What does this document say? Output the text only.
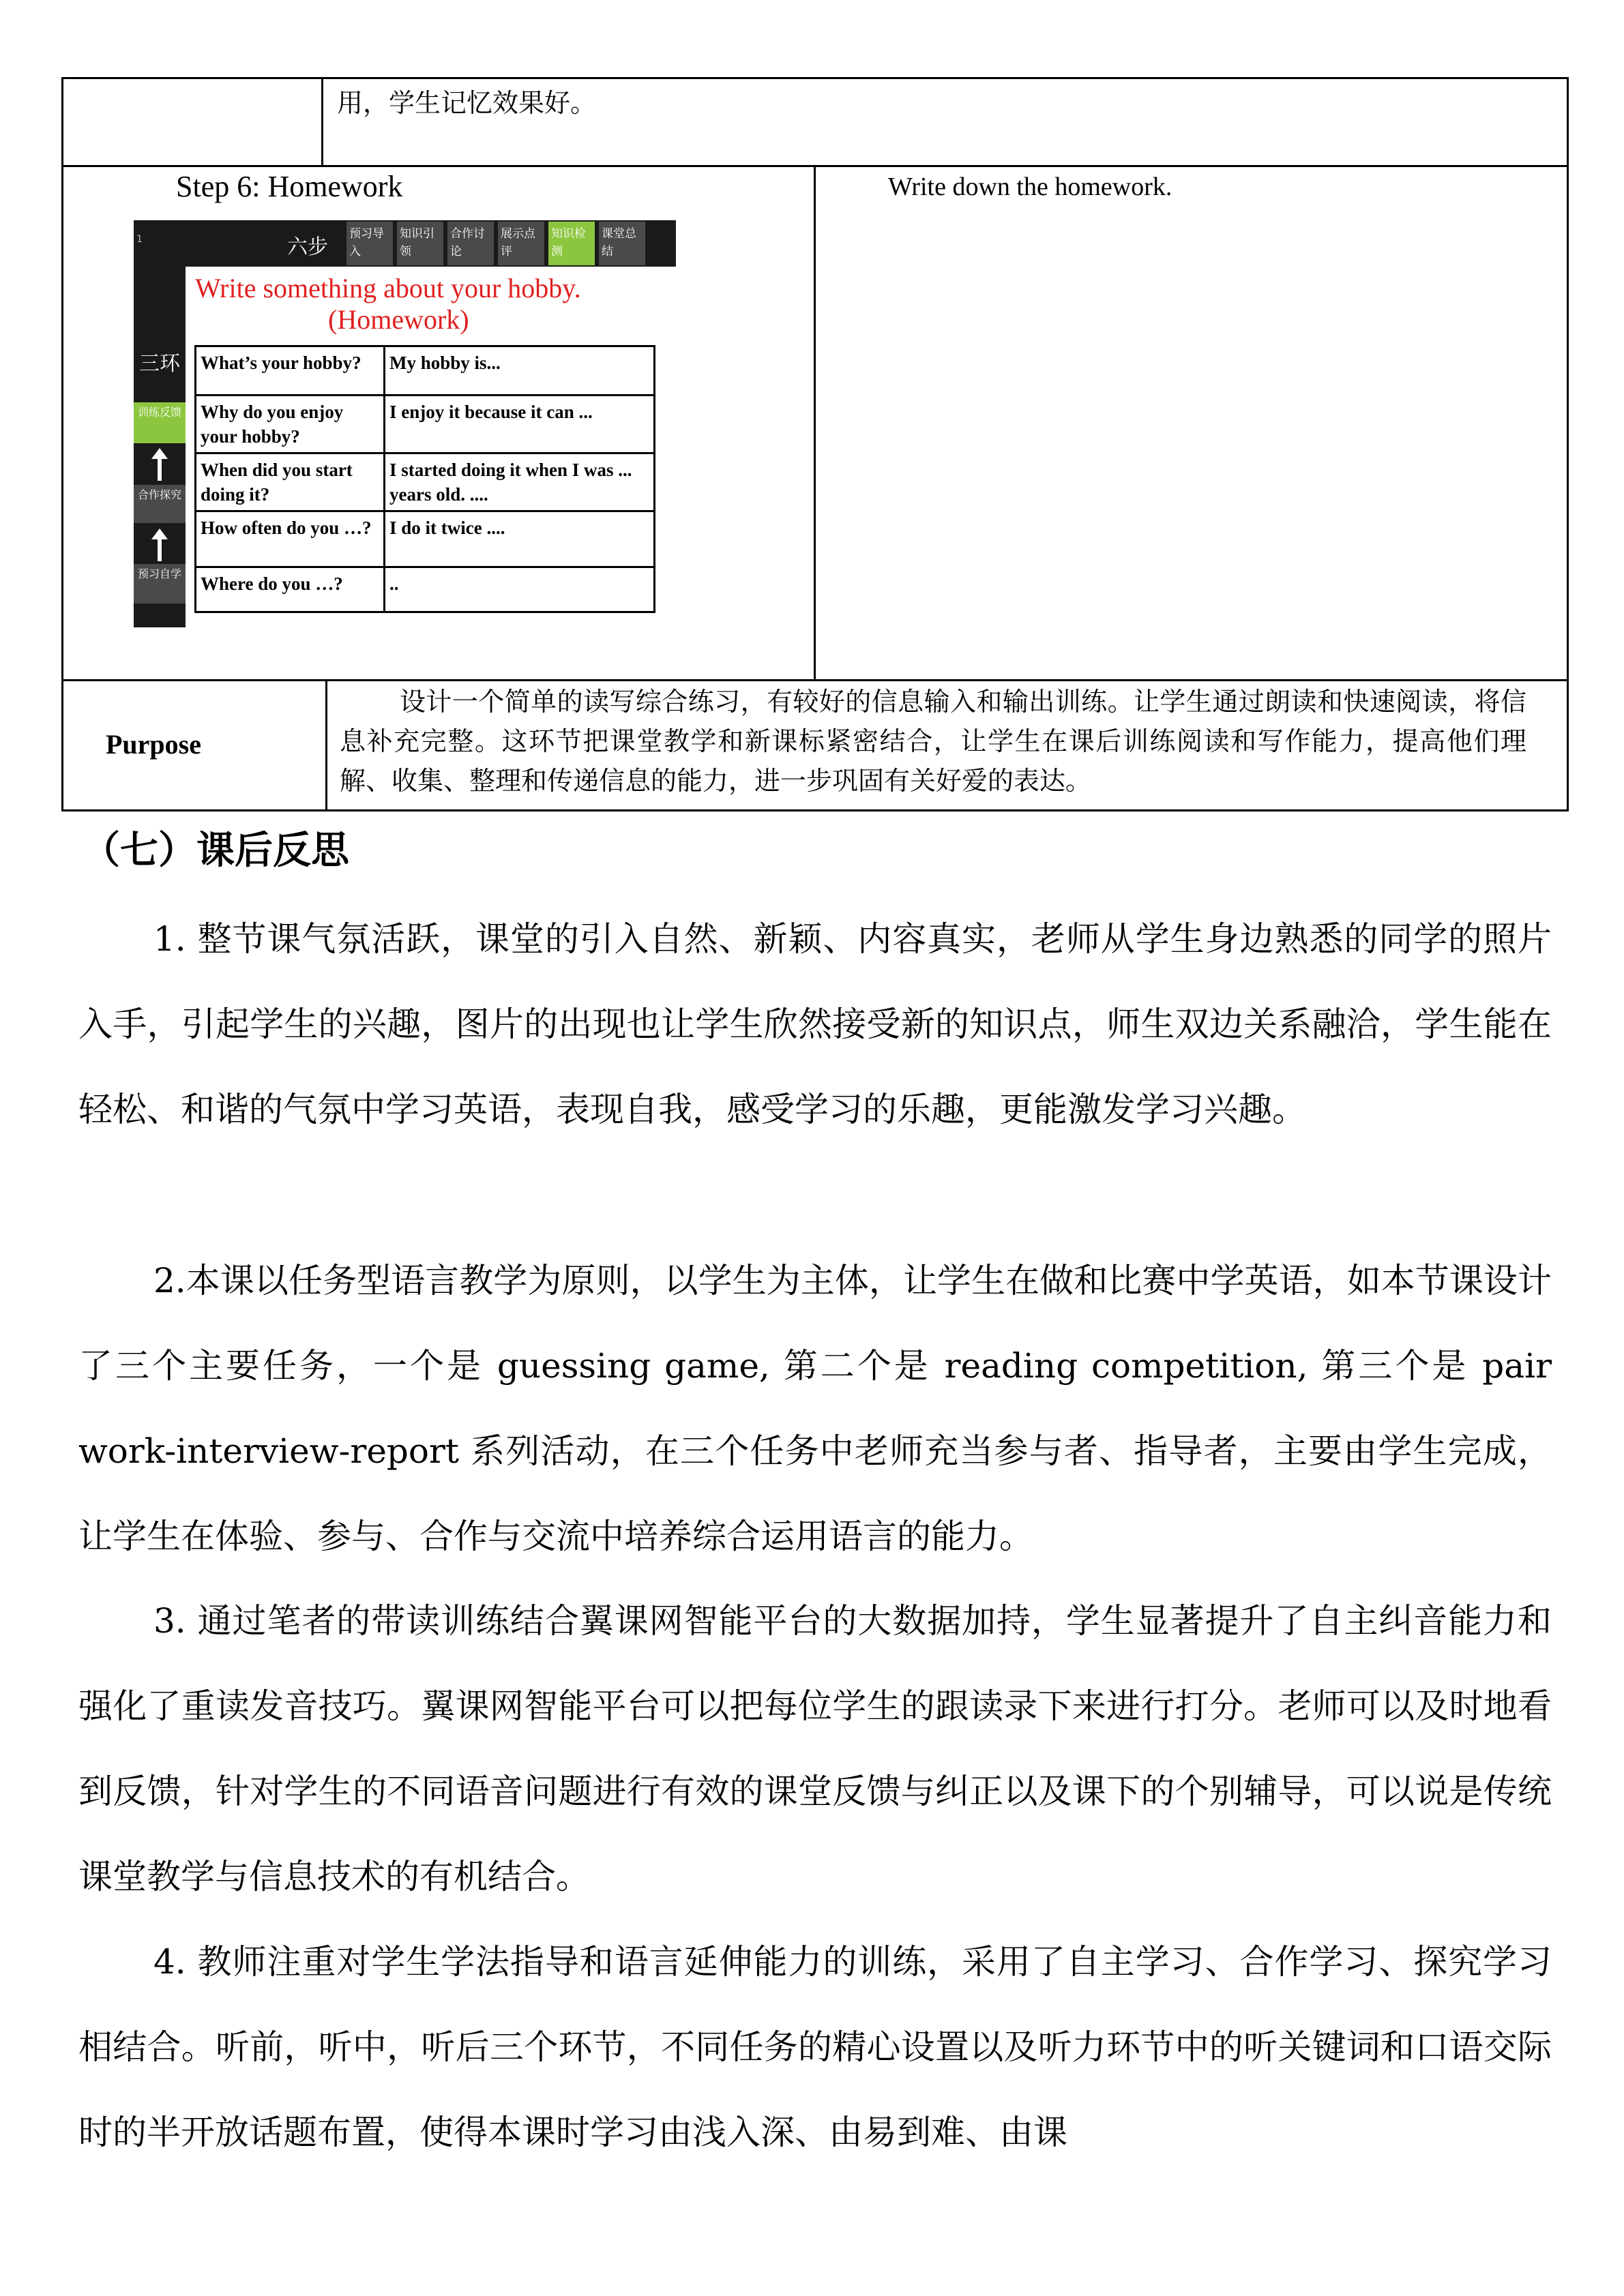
用，学生记忆效果好。
Step 6: Homework	Write down the homework.
1	六步
预习导入
知识引领
合作讨论
展示点评
知识检测
课堂总结
三环
训练反馈
合作探究
预习自学
Write something about your hobby.
(Homework)
What’s your hobby?	My hobby is...
Why do you enjoy your hobby?	I enjoy it because it can ...
When did you start doing it?	I started doing it when I was ... years old. ....
How often do you …?	I do it twice ....
Where do you …?	..
Purpose
设计一个简单的读写综合练习，有较好的信息输入和输出训练。让学生通过朗读和快速阅读，将信息补充完整。这环节把课堂教学和新课标紧密结合，让学生在课后训练阅读和写作能力，提高他们理解、收集、整理和传递信息的能力，进一步巩固有关好爱的表达。
（七）课后反思
1. 整节课气氛活跃，课堂的引入自然、新颖、内容真实，老师从学生身边熟悉的同学的照片入手，引起学生的兴趣，图片的出现也让学生欣然接受新的知识点，师生双边关系融洽，学生能在轻松、和谐的气氛中学习英语，表现自我，感受学习的乐趣，更能激发学习兴趣。
2.本课以任务型语言教学为原则，以学生为主体，让学生在做和比赛中学英语，如本节课设计了三个主要任务，一个是 guessing game, 第二个是 reading competition, 第三个是 pair work-interview-report 系列活动，在三个任务中老师充当参与者、指导者，主要由学生完成，让学生在体验、参与、合作与交流中培养综合运用语言的能力。
3. 通过笔者的带读训练结合翼课网智能平台的大数据加持，学生显著提升了自主纠音能力和强化了重读发音技巧。翼课网智能平台可以把每位学生的跟读录下来进行打分。老师可以及时地看到反馈，针对学生的不同语音问题进行有效的课堂反馈与纠正以及课下的个别辅导，可以说是传统课堂教学与信息技术的有机结合。
4. 教师注重对学生学法指导和语言延伸能力的训练，采用了自主学习、合作学习、探究学习相结合。听前，听中，听后三个环节，不同任务的精心设置以及听力环节中的听关键词和口语交际时的半开放话题布置，使得本课时学习由浅入深、由易到难、由课
